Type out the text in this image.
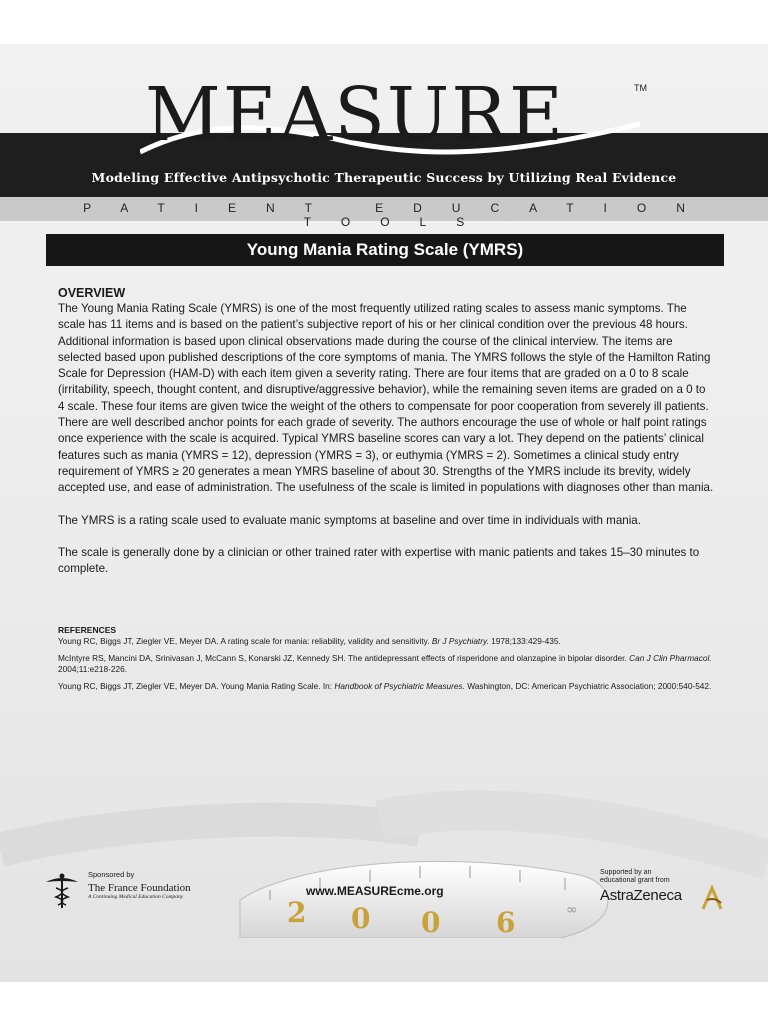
MEASURE	TM
Modeling Effective Antipsychotic Therapeutic Success by Utilizing Real Evidence
PATIENT EDUCATION TOOLS
Young Mania Rating Scale (YMRS)
OVERVIEW

The Young Mania Rating Scale (YMRS) is one of the most frequently utilized rating scales to assess manic symptoms. The scale has 11 items and is based on the patient’s subjective report of his or her clinical condition over the previous 48 hours. Additional information is based upon clinical observations made during the course of the clinical interview. The items are selected based upon published descriptions of the core symptoms of mania. The YMRS follows the style of the Hamilton Rating Scale for Depression (HAM-D) with each item given a severity rating. There are four items that are graded on a 0 to 8 scale (irritability, speech, thought content, and disruptive/aggressive behavior), while the remaining seven items are graded on a 0 to 4 scale. These four items are given twice the weight of the others to compensate for poor cooperation from severely ill patients. There are well described anchor points for each grade of severity. The authors encourage the use of whole or half point ratings once experience with the scale is acquired. Typical YMRS baseline scores can vary a lot. They depend on the patients’ clinical features such as mania (YMRS = 12), depression (YMRS = 3), or euthymia (YMRS = 2). Sometimes a clinical study entry requirement of YMRS ≥ 20 generates a mean YMRS baseline of about 30. Strengths of the YMRS include its brevity, widely accepted use, and ease of administration. The usefulness of the scale is limited in populations with diagnoses other than mania.

The YMRS is a rating scale used to evaluate manic symptoms at baseline and over time in individuals with mania.

The scale is generally done by a clinician or other trained rater with expertise with manic patients and takes 15–30 minutes to complete.

REFERENCES

Young RC, Biggs JT, Ziegler VE, Meyer DA. A rating scale for mania: reliability, validity and sensitivity. Br J Psychiatry. 1978;133:429-435.

McIntyre RS, Mancini DA, Srinivasan J, McCann S, Konarski JZ, Kennedy SH. The antidepressant effects of risperidone and olanzapine in bipolar disorder. Can J Clin Pharmacol. 2004;11:e218-226.

Young RC, Biggs JT, Ziegler VE, Meyer DA. Young Mania Rating Scale. In: Handbook of Psychiatric Measures. Washington, DC: American Psychiatric Association; 2000:540-542.

2 0 0 6	∞
Sponsored by
The France Foundation
A Continuing Medical Education Company	www.MEASUREcme.org
Supported by an
educational grant from
AstraZeneca
